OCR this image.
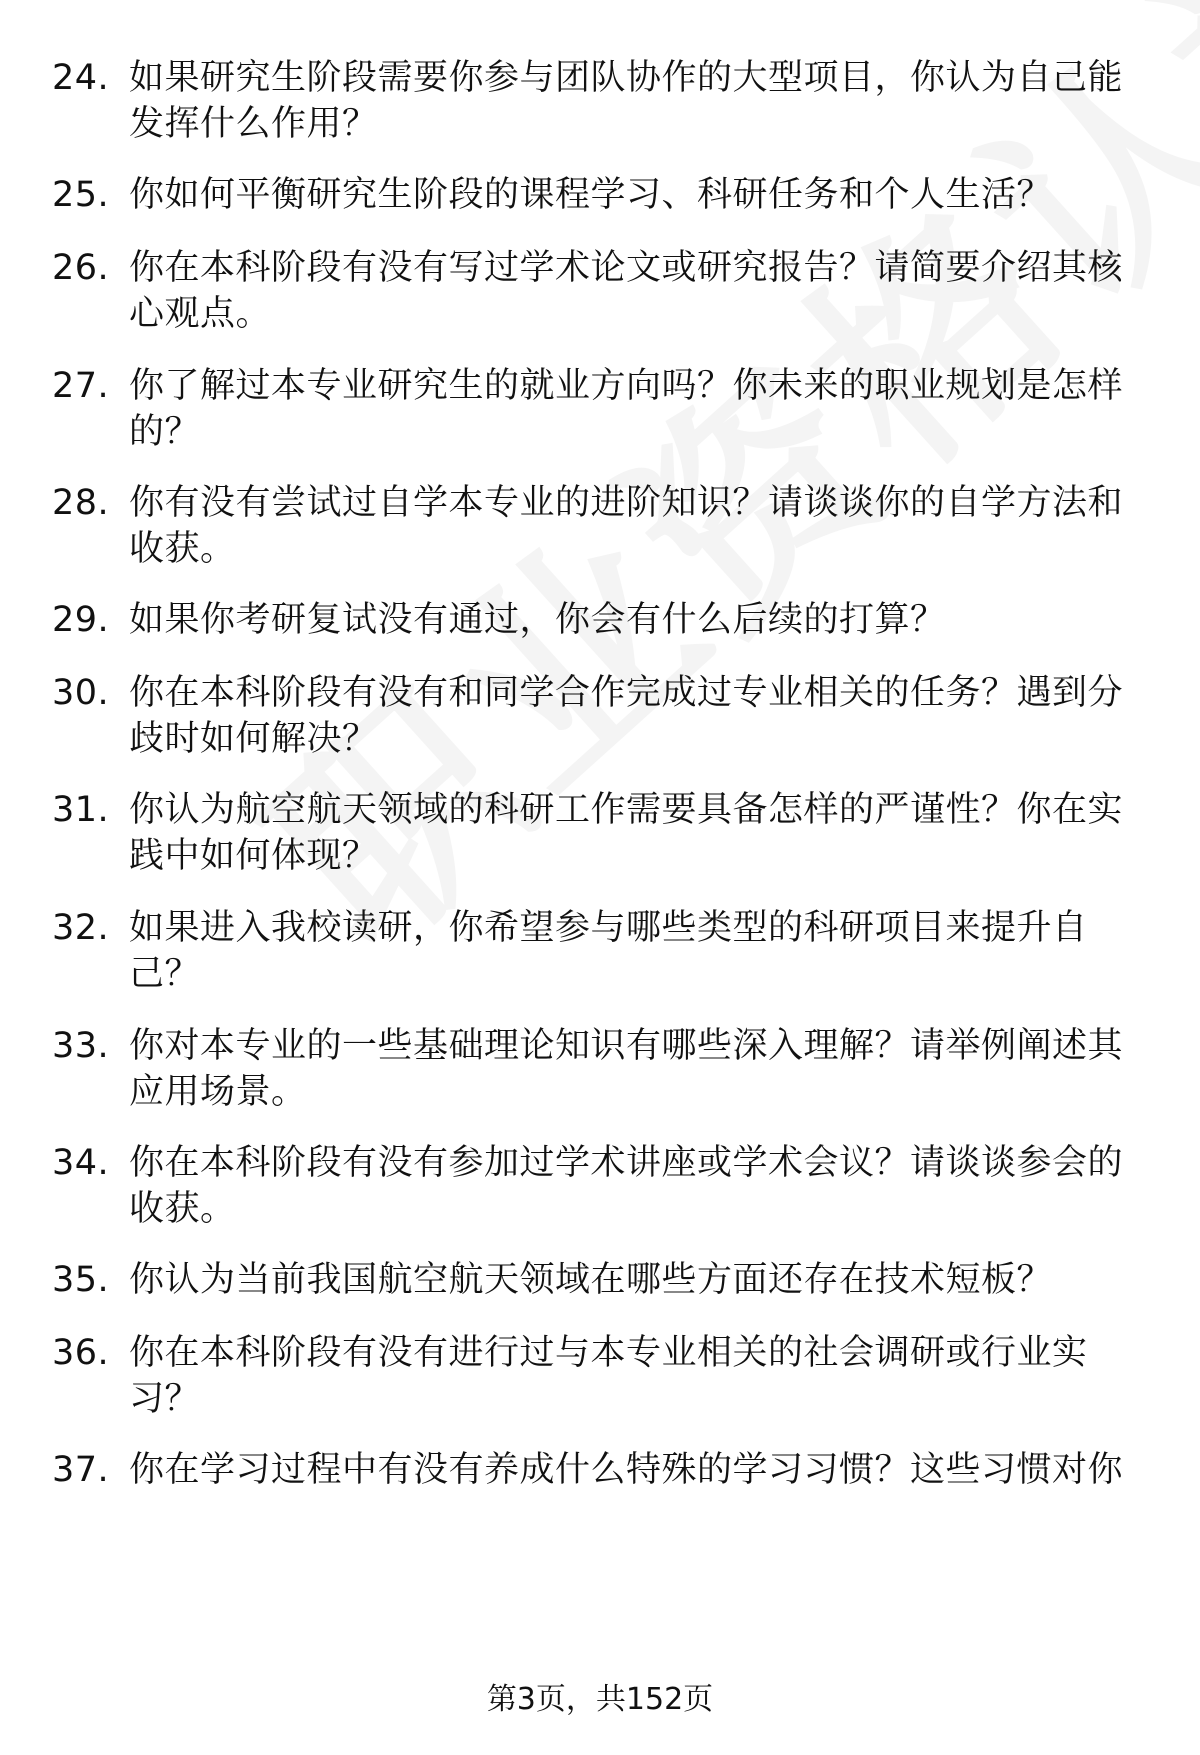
24. 如果研究生阶段需要你参与团队协作的大型项目，你认为自己能发挥什么作用？
25. 你如何平衡研究生阶段的课程学习、科研任务和个人生活？
26. 你在本科阶段有没有写过学术论文或研究报告？请简要介绍其核心观点。
27. 你了解过本专业研究生的就业方向吗？你未来的职业规划是怎样的？
28. 你有没有尝试过自学本专业的进阶知识？请谈谈你的自学方法和收获。
29. 如果你考研复试没有通过，你会有什么后续的打算？
30. 你在本科阶段有没有和同学合作完成过专业相关的任务？遇到分歧时如何解决？
31. 你认为航空航天领域的科研工作需要具备怎样的严谨性？你在实践中如何体现？
32. 如果进入我校读研，你希望参与哪些类型的科研项目来提升自己？
33. 你对本专业的一些基础理论知识有哪些深入理解？请举例阐述其应用场景。
34. 你在本科阶段有没有参加过学术讲座或学术会议？请谈谈参会的收获。
35. 你认为当前我国航空航天领域在哪些方面还存在技术短板？
36. 你在本科阶段有没有进行过与本专业相关的社会调研或行业实习？
37. 你在学习过程中有没有养成什么特殊的学习习惯？这些习惯对你
第3页，共152页
